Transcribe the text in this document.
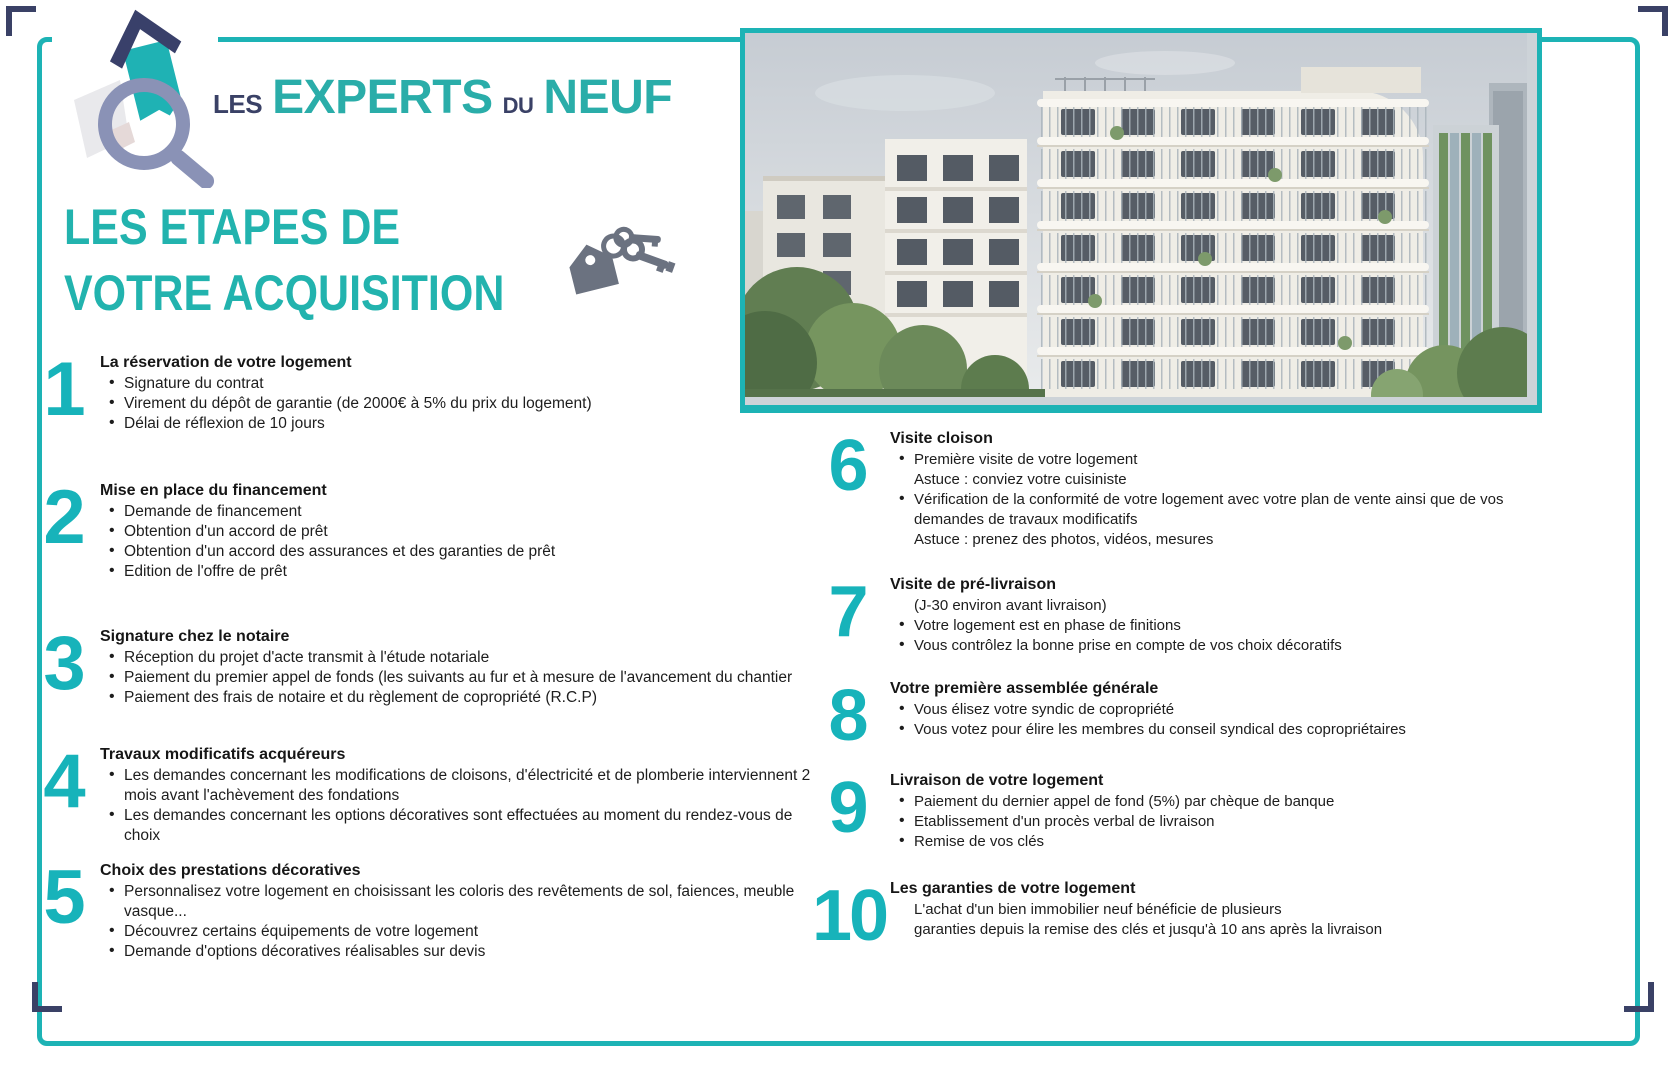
LES EXPERTS DU NEUF
LES ETAPES DE
VOTRE ACQUISITION
1	La réservation de votre logement
• Signature du contrat
• Virement du dépôt de garantie (de 2000€ à 5% du prix du logement)
• Délai de réflexion de 10 jours
2	Mise en place du financement
• Demande de financement
• Obtention d'un accord de prêt
• Obtention d'un accord des assurances et des garanties de prêt
• Edition de l'offre de prêt
3	Signature chez le notaire
• Réception du projet d'acte transmit à l'étude notariale
• Paiement du premier appel de fonds (les suivants au fur et à mesure de l'avancement du chantier
• Paiement des frais de notaire et du règlement de copropriété (R.C.P)
4	Travaux modificatifs acquéreurs
• Les demandes concernant les modifications de cloisons, d'électricité et de plomberie interviennent 2 mois avant l'achèvement des fondations
• Les demandes concernant les options décoratives sont effectuées au moment du rendez-vous de choix
5	Choix des prestations décoratives
• Personnalisez votre logement en choisissant les coloris des revêtements de sol, faiences, meuble vasque...
• Découvrez certains équipements de votre logement
• Demande d'options décoratives réalisables sur devis
6	Visite cloison
• Première visite de votre logement
Astuce : conviez votre cuisiniste
• Vérification de la conformité de votre logement avec votre plan de vente ainsi que de vos demandes de travaux modificatifs
Astuce : prenez des photos, vidéos, mesures
7	Visite de pré-livraison
(J-30 environ avant livraison)
• Votre logement est en phase de finitions
• Vous contrôlez la bonne prise en compte de vos choix décoratifs
8	Votre première assemblée générale
• Vous élisez votre syndic de copropriété
• Vous votez pour élire les membres du conseil syndical des copropriétaires
9	Livraison de votre logement
• Paiement du dernier appel de fond (5%) par chèque de banque
• Etablissement d'un procès verbal de livraison
• Remise de vos clés
10 Les garanties de votre logement
L'achat d'un bien immobilier neuf bénéficie de plusieurs
garanties depuis la remise des clés et jusqu'à 10 ans après la livraison
